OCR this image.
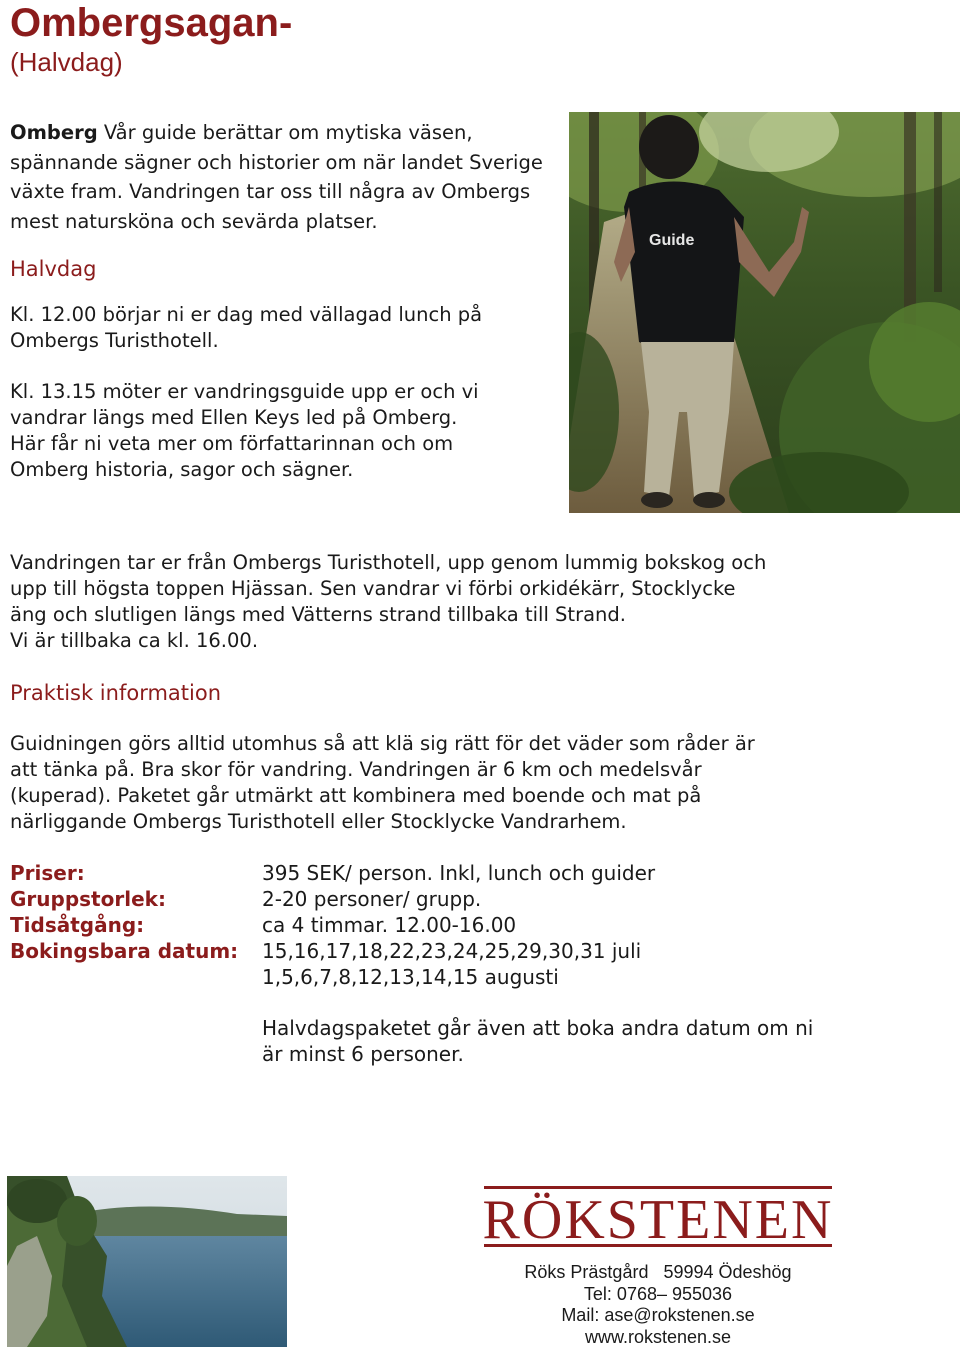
Ombergsagan-
(Halvdag)
Omberg Vår guide berättar om mytiska väsen, spännande sägner och historier om när landet Sverige växte fram. Vandringen tar oss till några av Ombergs mest natursköna och sevärda platser.
Halvdag
Kl. 12.00 börjar ni er dag med vällagad lunch på
Ombergs Turisthotell.
Kl. 13.15 möter er vandringsguide upp er och vi
vandrar längs med Ellen Keys led på Omberg.
Här får ni veta mer om författarinnan och om
Omberg historia, sagor och sägner.
Guide
Vandringen tar er från Ombergs Turisthotell, upp genom lummig bokskog och
upp till högsta toppen Hjässan. Sen vandrar vi förbi orkidékärr, Stocklycke
äng och slutligen längs med Vätterns strand tillbaka till Strand.
Vi är tillbaka ca kl. 16.00.
Praktisk information
Guidningen görs alltid utomhus så att klä sig rätt för det väder som råder är
att tänka på. Bra skor för vandring. Vandringen är 6 km och medelsvår
(kuperad). Paketet går utmärkt att kombinera med boende och mat på
närliggande Ombergs Turisthotell eller Stocklycke Vandrarhem.
Priser:	395 SEK/ person. Inkl, lunch och guider
Gruppstorlek:	2-20 personer/ grupp.
Tidsåtgång:	ca 4 timmar. 12.00-16.00
Bokingsbara datum: 15,16,17,18,22,23,24,25,29,30,31 juli
1,5,6,7,8,12,13,14,15 augusti
Halvdagspaketet går även att boka andra datum om ni
är minst 6 personer.
RÖKSTENEN
Röks Prästgård   59994 Ödeshög
Tel: 0768– 955036
Mail: ase@rokstenen.se
www.rokstenen.se
